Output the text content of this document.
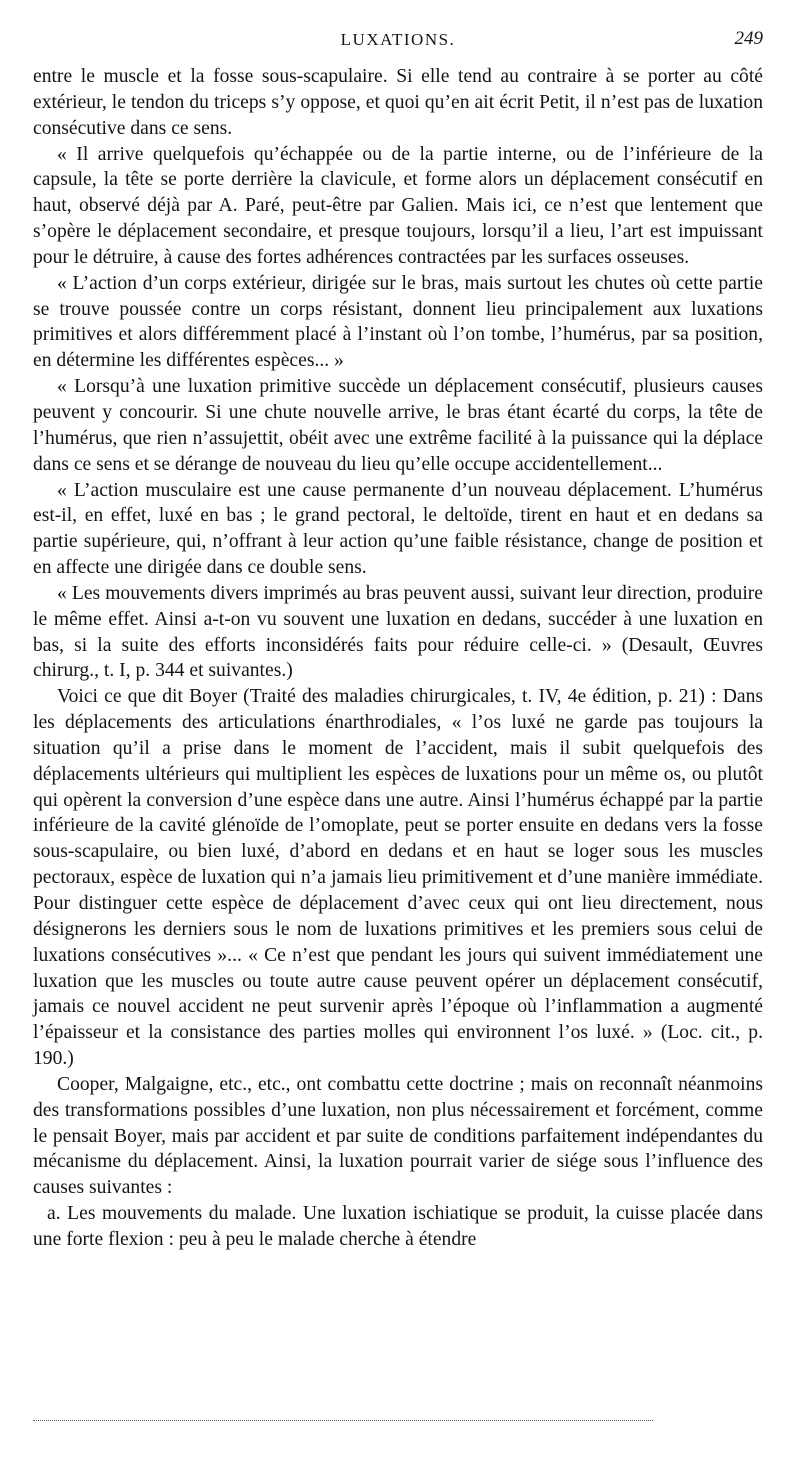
LUXATIONS.	249

entre le muscle et la fosse sous-scapulaire. Si elle tend au contraire à se porter au côté extérieur, le tendon du triceps s’y oppose, et quoi qu’en ait écrit Petit, il n’est pas de luxation consécutive dans ce sens.

« Il arrive quelquefois qu’échappée ou de la partie interne, ou de l’inférieure de la capsule, la tête se porte derrière la clavicule, et forme alors un déplacement consécutif en haut, observé déjà par A. Paré, peut-être par Galien. Mais ici, ce n’est que lentement que s’opère le déplacement secondaire, et presque toujours, lorsqu’il a lieu, l’art est impuissant pour le détruire, à cause des fortes adhérences contractées par les surfaces osseuses.

« L’action d’un corps extérieur, dirigée sur le bras, mais surtout les chutes où cette partie se trouve poussée contre un corps résistant, donnent lieu principalement aux luxations primitives et alors différemment placé à l’instant où l’on tombe, l’humérus, par sa position, en détermine les différentes espèces... »

« Lorsqu’à une luxation primitive succède un déplacement consécutif, plusieurs causes peuvent y concourir. Si une chute nouvelle arrive, le bras étant écarté du corps, la tête de l’humérus, que rien n’assujettit, obéit avec une extrême facilité à la puissance qui la déplace dans ce sens et se dérange de nouveau du lieu qu’elle occupe accidentellement...

« L’action musculaire est une cause permanente d’un nouveau déplacement. L’humérus est-il, en effet, luxé en bas ; le grand pectoral, le deltoïde, tirent en haut et en dedans sa partie supérieure, qui, n’offrant à leur action qu’une faible résistance, change de position et en affecte une dirigée dans ce double sens.

« Les mouvements divers imprimés au bras peuvent aussi, suivant leur direction, produire le même effet. Ainsi a-t-on vu souvent une luxation en dedans, succéder à une luxation en bas, si la suite des efforts inconsidérés faits pour réduire celle-ci. » (Desault, Œuvres chirurg., t. I, p. 344 et suivantes.)

Voici ce que dit Boyer (Traité des maladies chirurgicales, t. IV, 4e édition, p. 21) : Dans les déplacements des articulations énarthrodiales, « l’os luxé ne garde pas toujours la situation qu’il a prise dans le moment de l’accident, mais il subit quelquefois des déplacements ultérieurs qui multiplient les espèces de luxations pour un même os, ou plutôt qui opèrent la conversion d’une espèce dans une autre. Ainsi l’humérus échappé par la partie inférieure de la cavité glénoïde de l’omoplate, peut se porter ensuite en dedans vers la fosse sous-scapulaire, ou bien luxé, d’abord en dedans et en haut se loger sous les muscles pectoraux, espèce de luxation qui n’a jamais lieu primitivement et d’une manière immédiate. Pour distinguer cette espèce de déplacement d’avec ceux qui ont lieu directement, nous désignerons les derniers sous le nom de luxations primitives et les premiers sous celui de luxations consécutives »... « Ce n’est que pendant les jours qui suivent immédiatement une luxation que les muscles ou toute autre cause peuvent opérer un déplacement consécutif, jamais ce nouvel accident ne peut survenir après l’époque où l’inflammation a augmenté l’épaisseur et la consistance des parties molles qui environnent l’os luxé. » (Loc. cit., p. 190.)

Cooper, Malgaigne, etc., etc., ont combattu cette doctrine ; mais on reconnaît néanmoins des transformations possibles d’une luxation, non plus nécessairement et forcément, comme le pensait Boyer, mais par accident et par suite de conditions parfaitement indépendantes du mécanisme du déplacement. Ainsi, la luxation pourrait varier de siége sous l’influence des causes suivantes :

a. Les mouvements du malade. Une luxation ischiatique se produit, la cuisse placée dans une forte flexion : peu à peu le malade cherche à étendre
